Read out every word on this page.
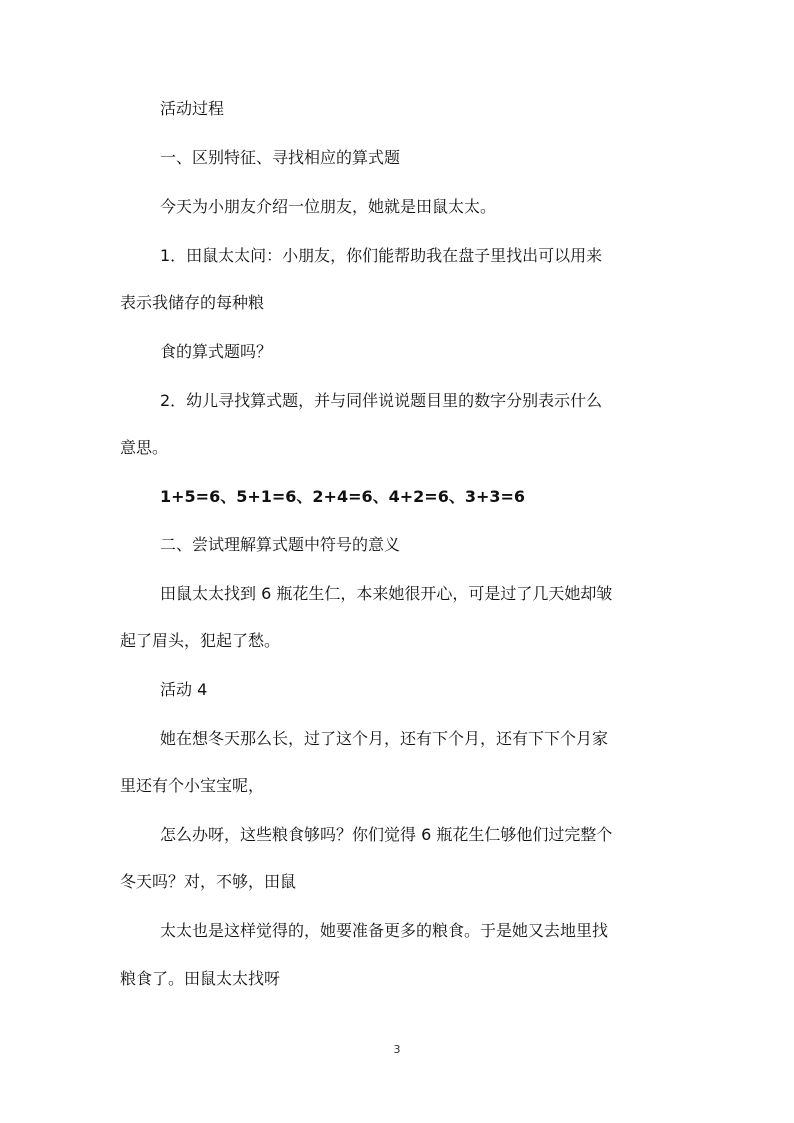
活动过程

一、区别特征、寻找相应的算式题

今天为小朋友介绍一位朋友，她就是田鼠太太。

1．田鼠太太问：小朋友，你们能帮助我在盘子里找出可以用来

表示我储存的每种粮

食的算式题吗？

2．幼儿寻找算式题，并与同伴说说题目里的数字分别表示什么

意思。

1+5=6、5+1=6、2+4=6、4+2=6、3+3=6

二、尝试理解算式题中符号的意义

田鼠太太找到 6 瓶花生仁，本来她很开心，可是过了几天她却皱

起了眉头，犯起了愁。

活动 4

她在想冬天那么长，过了这个月，还有下个月，还有下下个月家

里还有个小宝宝呢，

怎么办呀，这些粮食够吗？你们觉得 6 瓶花生仁够他们过完整个

冬天吗？对，不够，田鼠

太太也是这样觉得的，她要准备更多的粮食。于是她又去地里找

粮食了。田鼠太太找呀

3
